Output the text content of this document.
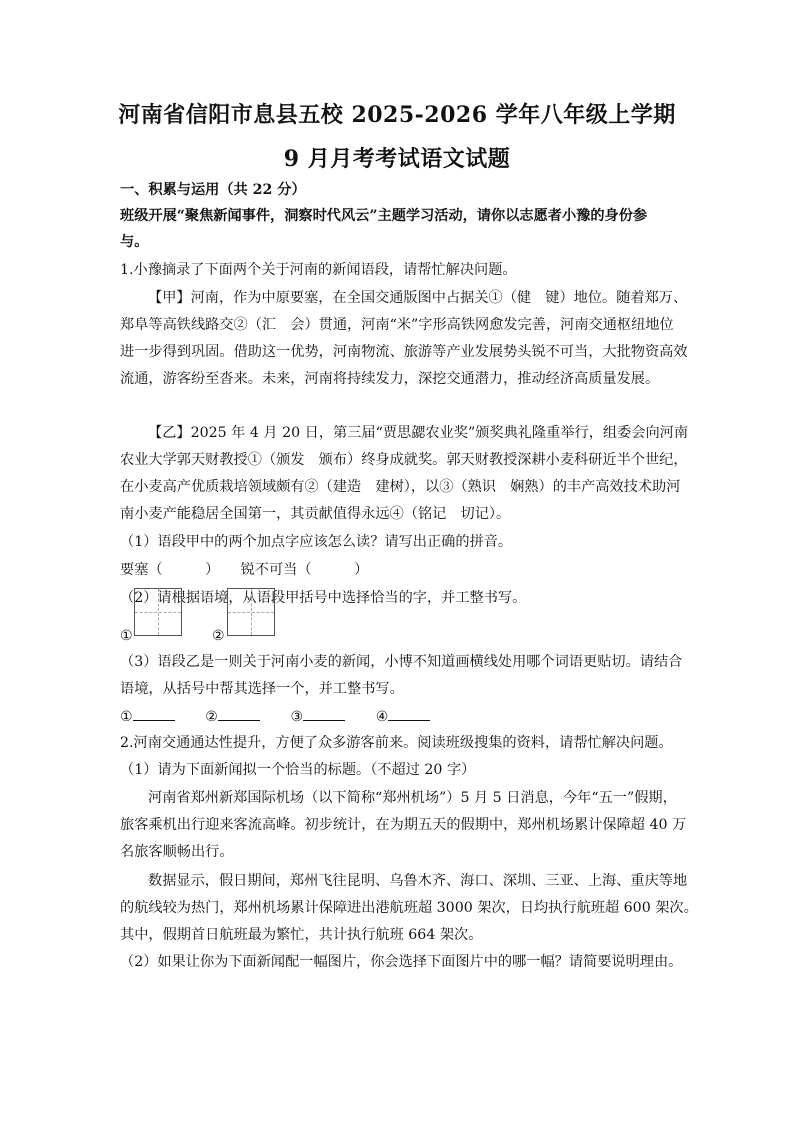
河南省信阳市息县五校 2025-2026 学年八年级上学期
9 月月考考试语文试题
一、积累与运用（共 22 分）
班级开展“聚焦新闻事件，洞察时代风云”主题学习活动，请你以志愿者小豫的身份参
与。
1.小豫摘录了下面两个关于河南的新闻语段，请帮忙解决问题。
【甲】河南，作为中原要塞，在全国交通版图中占据关①（健　键）地位。随着郑万、
郑阜等高铁线路交②（汇　会）贯通，河南“米”字形高铁网愈发完善，河南交通枢纽地位
进一步得到巩固。借助这一优势，河南物流、旅游等产业发展势头锐不可当，大批物资高效
流通，游客纷至沓来。未来，河南将持续发力，深挖交通潜力，推动经济高质量发展。
【乙】2025 年 4 月 20 日，第三届“贾思勰农业奖”颁奖典礼隆重举行，组委会向河南
农业大学郭天财教授①（颁发　颁布）终身成就奖。郭天财教授深耕小麦科研近半个世纪，
在小麦高产优质栽培领域颇有②（建造　建树），以③（熟识　娴熟）的丰产高效技术助河
南小麦产能稳居全国第一，其贡献值得永远④（铭记　切记）。
（1）语段甲中的两个加点字应该怎么读？请写出正确的拼音。
要塞（　　　）　　锐不可当（　　　）
（2）请根据语境，从语段甲括号中选择恰当的字，并工整书写。
①	②
（3）语段乙是一则关于河南小麦的新闻，小博不知道画横线处用哪个词语更贴切。请结合
语境，从括号中帮其选择一个，并工整书写。
①	②	③	④
2.河南交通通达性提升，方便了众多游客前来。阅读班级搜集的资料，请帮忙解决问题。
（1）请为下面新闻拟一个恰当的标题。（不超过 20 字）
河南省郑州新郑国际机场（以下简称“郑州机场”）5 月 5 日消息，今年“五一”假期，
旅客乘机出行迎来客流高峰。初步统计，在为期五天的假期中，郑州机场累计保障超 40 万
名旅客顺畅出行。
数据显示，假日期间，郑州飞往昆明、乌鲁木齐、海口、深圳、三亚、上海、重庆等地
的航线较为热门，郑州机场累计保障进出港航班超 3000 架次，日均执行航班超 600 架次。
其中，假期首日航班最为繁忙，共计执行航班 664 架次。
（2）如果让你为下面新闻配一幅图片，你会选择下面图片中的哪一幅？请简要说明理由。
